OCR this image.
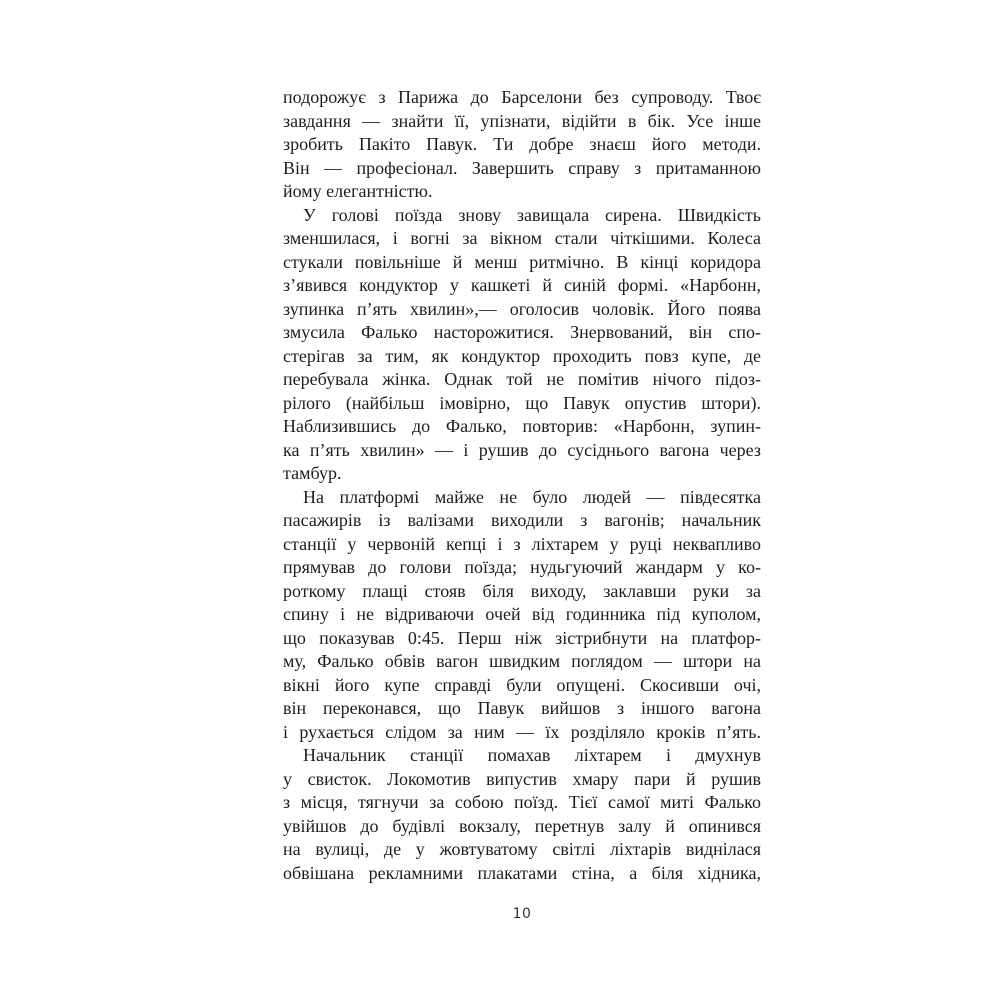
подорожує з Парижа до Барселони без супроводу. Твоє
завдання — знайти її, упізнати, відійти в бік. Усе інше
зробить Пакіто Павук. Ти добре знаєш його методи.
Він — професіонал. Завершить справу з притаманною
йому елегантністю.
У голові поїзда знову завищала сирена. Швидкість
зменшилася, і вогні за вікном стали чіткішими. Колеса
стукали повільніше й менш ритмічно. В кінці коридора
з’явився кондуктор у кашкеті й синій формі. «Нарбонн,
зупинка п’ять хвилин»,— оголосив чоловік. Його поява
змусила Фалько насторожитися. Знервований, він спо-
стерігав за тим, як кондуктор проходить повз купе, де
перебувала жінка. Однак той не помітив нічого підоз-
рілого (найбільш імовірно, що Павук опустив штори).
Наблизившись до Фалько, повторив: «Нарбонн, зупин-
ка п’ять хвилин» — і рушив до сусіднього вагона через
тамбур.
На платформі майже не було людей — півдесятка
пасажирів із валізами виходили з вагонів; начальник
станції у червоній кепці і з ліхтарем у руці неквапливо
прямував до голови поїзда; нудьгуючий жандарм у ко-
роткому плащі стояв біля виходу, заклавши руки за
спину і не відриваючи очей від годинника під куполом,
що показував 0:45. Перш ніж зістрибнути на платфор-
му, Фалько обвів вагон швидким поглядом — штори на
вікні його купе справді були опущені. Скосивши очі,
він переконався, що Павук вийшов з іншого вагона
і рухається слідом за ним — їх розділяло кроків п’ять.
Начальник станції помахав ліхтарем і дмухнув
у свисток. Локомотив випустив хмару пари й рушив
з місця, тягнучи за собою поїзд. Тієї самої миті Фалько
увійшов до будівлі вокзалу, перетнув залу й опинився
на вулиці, де у жовтуватому світлі ліхтарів виднілася
обвішана рекламними плакатами стіна, а біля хідника,
10
